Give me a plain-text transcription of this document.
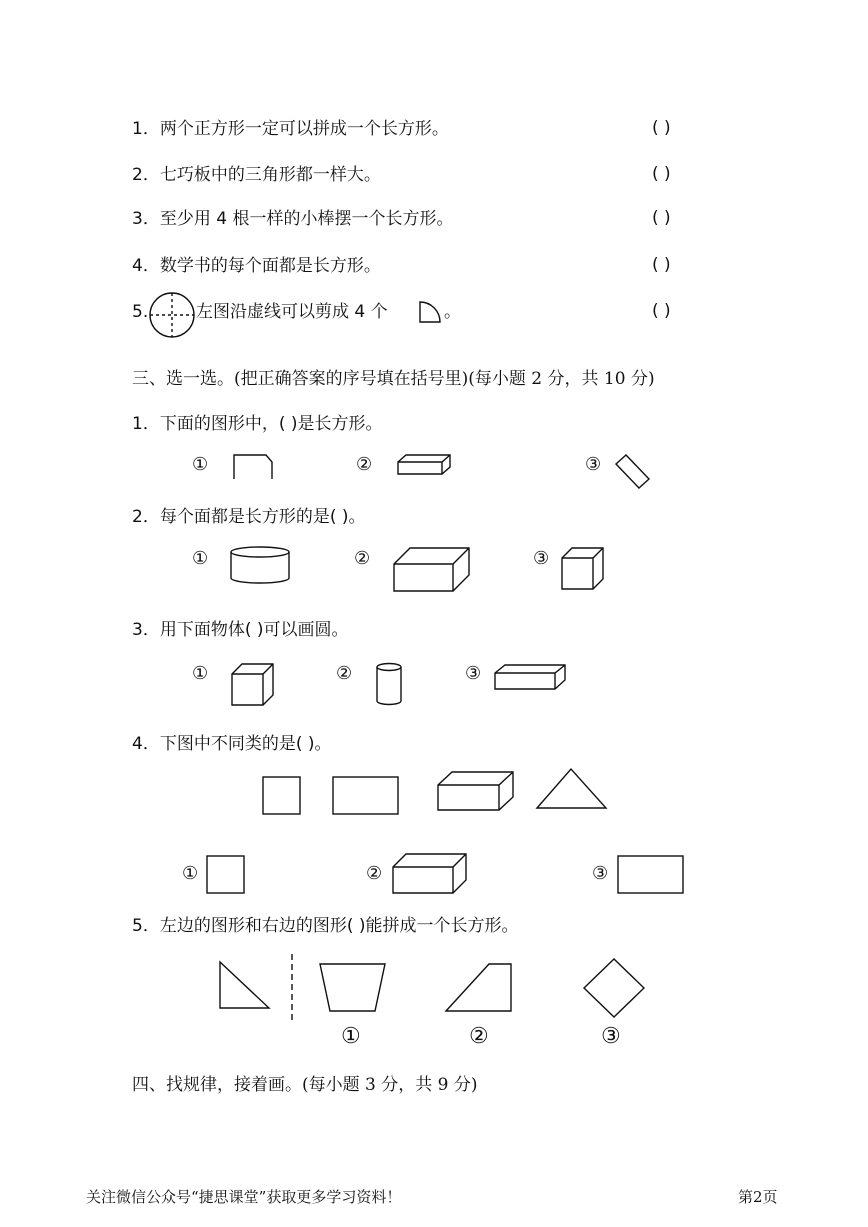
1．两个正方形一定可以拼成一个长方形。	( )
2．七巧板中的三角形都一样大。	( )
3．至少用 4 根一样的小棒摆一个长方形。	( )
4．数学书的每个面都是长方形。	( )
5.	左图沿虚线可以剪成 4 个	。	( )
三、选一选。(把正确答案的序号填在括号里)(每小题 2 分，共 10 分)
1．下面的图形中，( )是长方形。
①	②	③
2．每个面都是长方形的是( )。
①	②	③
3．用下面物体( )可以画圆。
①	②	③
4．下图中不同类的是( )。
①	②	③
5．左边的图形和右边的图形( )能拼成一个长方形。
①	②	③
四、找规律，接着画。(每小题 3 分，共 9 分)
关注微信公众号“捷思课堂”获取更多学习资料！	第2页
